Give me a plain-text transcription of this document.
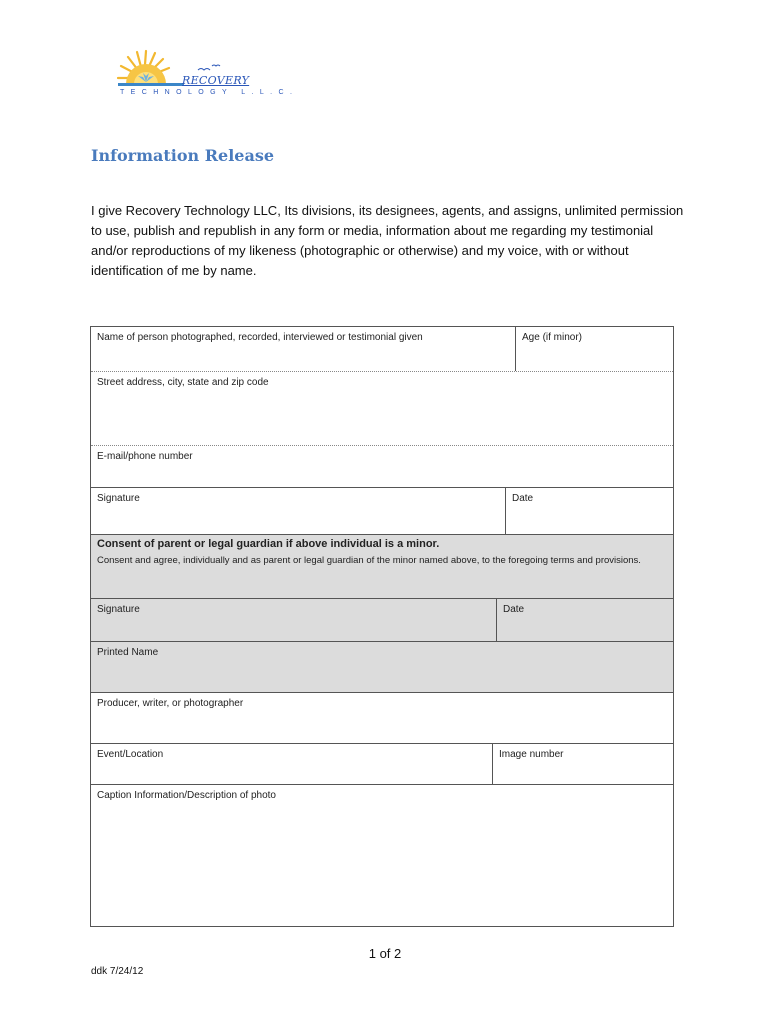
RECOVERY
TECHNOLOGY L.L.C.
Information Release
I give Recovery Technology LLC, Its divisions, its designees, agents, and assigns, unlimited permission to use, publish and republish in any form or media, information about me regarding my testimonial and/or reproductions of my likeness (photographic or otherwise) and my voice, with or without identification of me by name.
Name of person photographed, recorded, interviewed or testimonial given	Age (if minor)
Street address, city, state and zip code
E-mail/phone number
Signature	Date
Consent of parent or legal guardian if above individual is a minor.
Consent and agree, individually and as parent or legal guardian of the minor named above, to the foregoing terms and provisions.
Signature	Date
Printed Name
Producer, writer, or photographer
Event/Location	Image number
Caption Information/Description of photo
1 of 2
ddk 7/24/12
